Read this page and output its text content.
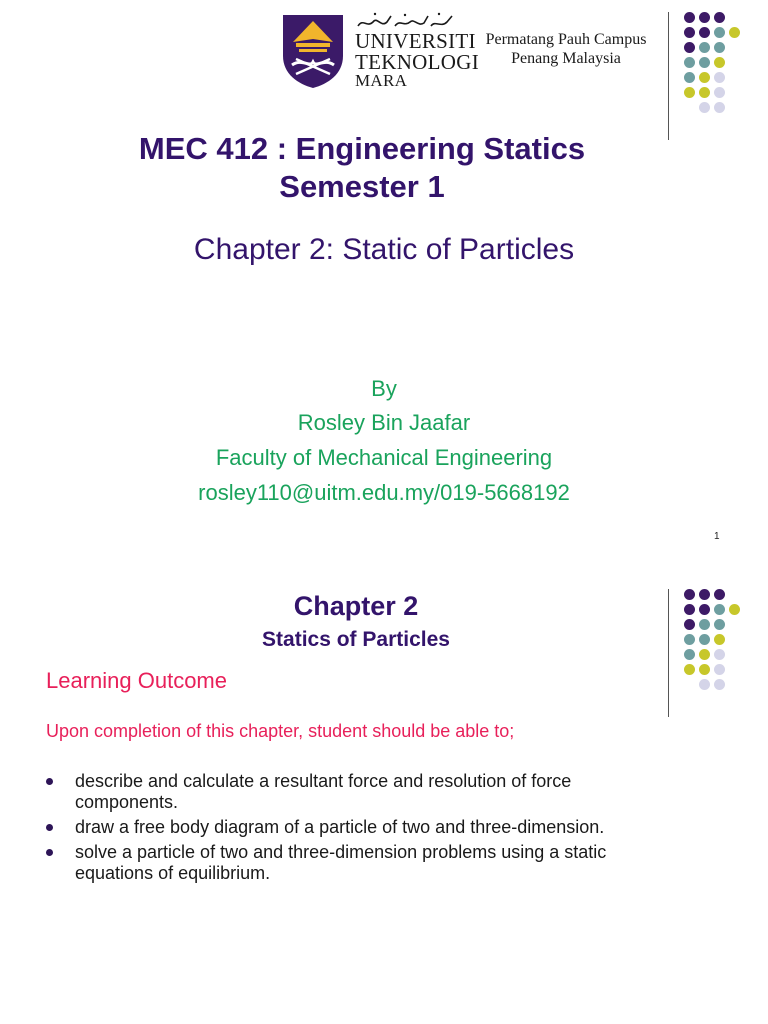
UNIVERSITI
TEKNOLOGI
MARA
Permatang Pauh Campus
Penang Malaysia
MEC 412 : Engineering Statics
Semester 1
Chapter 2: Static of Particles
By
Rosley Bin Jaafar
Faculty of Mechanical Engineering
rosley110@uitm.edu.my/019-5668192
1
Chapter 2
Statics of Particles
Learning Outcome
Upon completion of this chapter, student should be able to;
describe and calculate a resultant force and resolution of force
components.
draw a free body diagram of a particle of two and three-dimension.
solve a particle of two and three-dimension problems using a static
equations of equilibrium.
